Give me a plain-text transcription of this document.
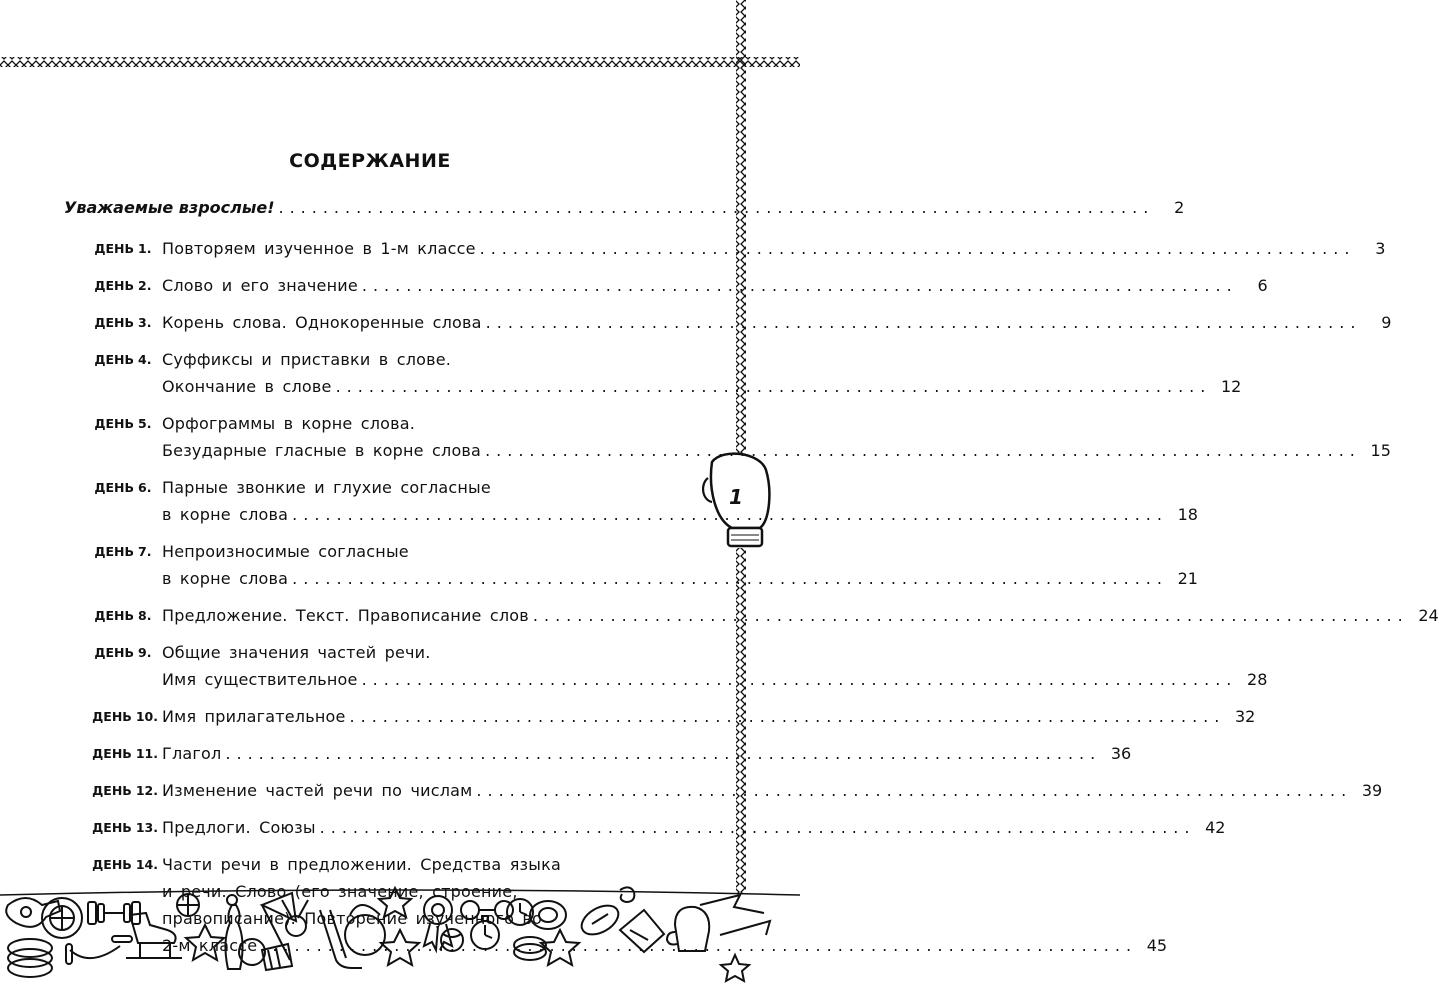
1
СОДЕРЖАНИЕ
Уважаемые взрослые! ...............................................................................	2
ДЕНЬ 1. Повторяем изученное в 1-м классе ...............................................................................	3
ДЕНЬ 2. Слово и его значение ...............................................................................	6
ДЕНЬ 3. Корень слова. Однокоренные слова ...............................................................................	9
ДЕНЬ 4. Суффиксы и приставки в слове.
Окончание в слове ............................................................................... 12
ДЕНЬ 5. Орфограммы в корне слова.
Безударные гласные в корне слова ............................................................................... 15
ДЕНЬ 6. Парные звонкие и глухие согласные
в корне слова ............................................................................... 18
ДЕНЬ 7. Непроизносимые согласные
в корне слова ............................................................................... 21
ДЕНЬ 8. Предложение. Текст. Правописание слов ............................................................................... 24
ДЕНЬ 9. Общие значения частей речи.
Имя существительное ............................................................................... 28
ДЕНЬ 10. Имя прилагательное ............................................................................... 32
ДЕНЬ 11. Глагол ............................................................................... 36
ДЕНЬ 12. Изменение частей речи по числам ............................................................................... 39
ДЕНЬ 13. Предлоги. Союзы ............................................................................... 42
ДЕНЬ 14. Части речи в предложении. Средства языка
и речи. Слово (его значение, строение,
правописание). Повторение изученного во
2-м классе ............................................................................... 45
